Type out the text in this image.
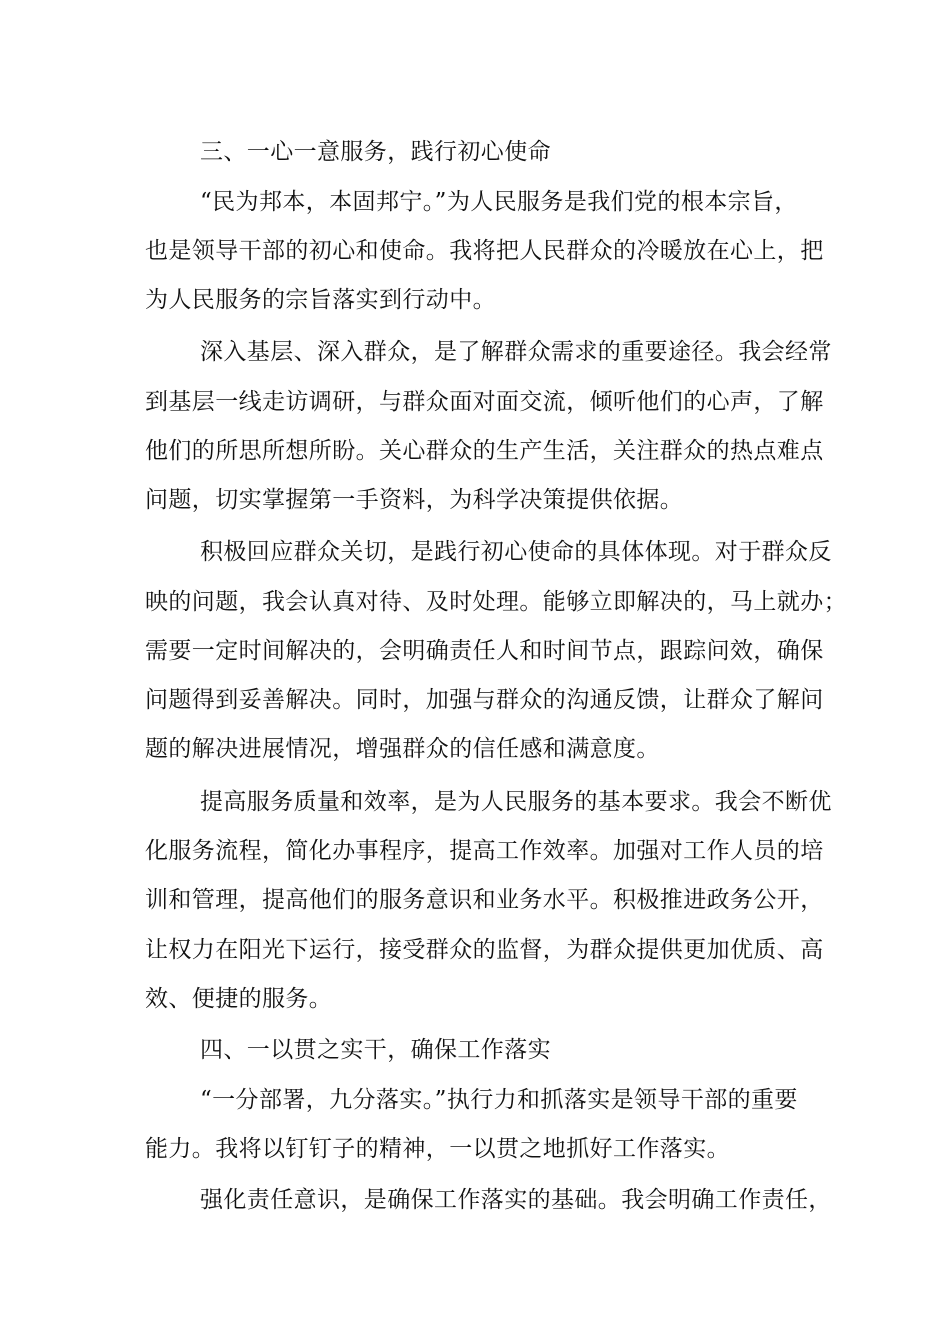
三、一心一意服务，践行初心使命
“民为邦本，本固邦宁。”为人民服务是我们党的根本宗旨，
也是领导干部的初心和使命。我将把人民群众的冷暖放在心上，把
为人民服务的宗旨落实到行动中。
深入基层、深入群众，是了解群众需求的重要途径。我会经常
到基层一线走访调研，与群众面对面交流，倾听他们的心声，了解
他们的所思所想所盼。关心群众的生产生活，关注群众的热点难点
问题，切实掌握第一手资料，为科学决策提供依据。
积极回应群众关切，是践行初心使命的具体体现。对于群众反
映的问题，我会认真对待、及时处理。能够立即解决的，马上就办；
需要一定时间解决的，会明确责任人和时间节点，跟踪问效，确保
问题得到妥善解决。同时，加强与群众的沟通反馈，让群众了解问
题的解决进展情况，增强群众的信任感和满意度。
提高服务质量和效率，是为人民服务的基本要求。我会不断优
化服务流程，简化办事程序，提高工作效率。加强对工作人员的培
训和管理，提高他们的服务意识和业务水平。积极推进政务公开，
让权力在阳光下运行，接受群众的监督，为群众提供更加优质、高
效、便捷的服务。
四、一以贯之实干，确保工作落实
“一分部署，九分落实。”执行力和抓落实是领导干部的重要
能力。我将以钉钉子的精神，一以贯之地抓好工作落实。
强化责任意识，是确保工作落实的基础。我会明确工作责任，
